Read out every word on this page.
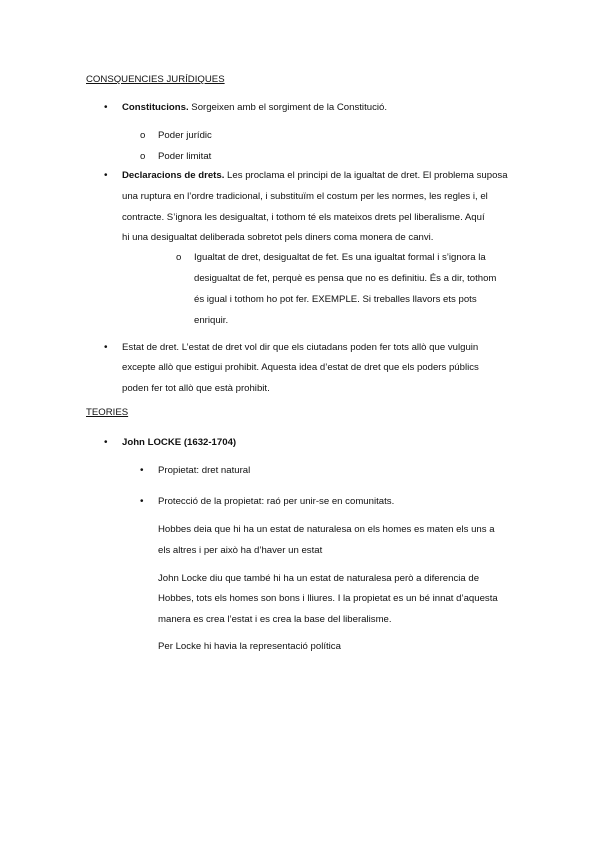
CONSQUENCIES JURÍDIQUES
• Constitucions. Sorgeixen amb el sorgiment de la Constitució.
o Poder jurídic
o Poder limitat
• Declaracions de drets. Les proclama el principi de la igualtat de dret. El problema suposa
una ruptura en l’ordre tradicional, i substituïm el costum per les normes, les regles i, el
contracte. S’ignora les desigualtat, i tothom té els mateixos drets pel liberalisme. Aquí
hi una desigualtat deliberada sobretot pels diners coma monera de canvi.
o Igualtat de dret, desigualtat de fet. Es una igualtat formal i s’ignora la
desigualtat de fet, perquè es pensa que no es definitiu. És a dir, tothom
és igual i tothom ho pot fer. EXEMPLE. Si treballes llavors ets pots
enriquir.
• Estat de dret. L’estat de dret vol dir que els ciutadans poden fer tots allò que vulguin
excepte allò que estigui prohibit. Aquesta idea d’estat de dret que els poders públics
poden fer tot allò que està prohibit.
TEORIES
• John LOCKE (1632-1704)
• Propietat: dret natural
• Protecció de la propietat: raó per unir-se en comunitats.
Hobbes deia que hi ha un estat de naturalesa on els homes es maten els uns a
els altres i per això ha d’haver un estat
John Locke diu que també hi ha un estat de naturalesa però a diferencia de
Hobbes, tots els homes son bons i lliures. I la propietat es un bé innat d’aquesta
manera es crea l’estat i es crea la base del liberalisme.
Per Locke hi havia la representació política
